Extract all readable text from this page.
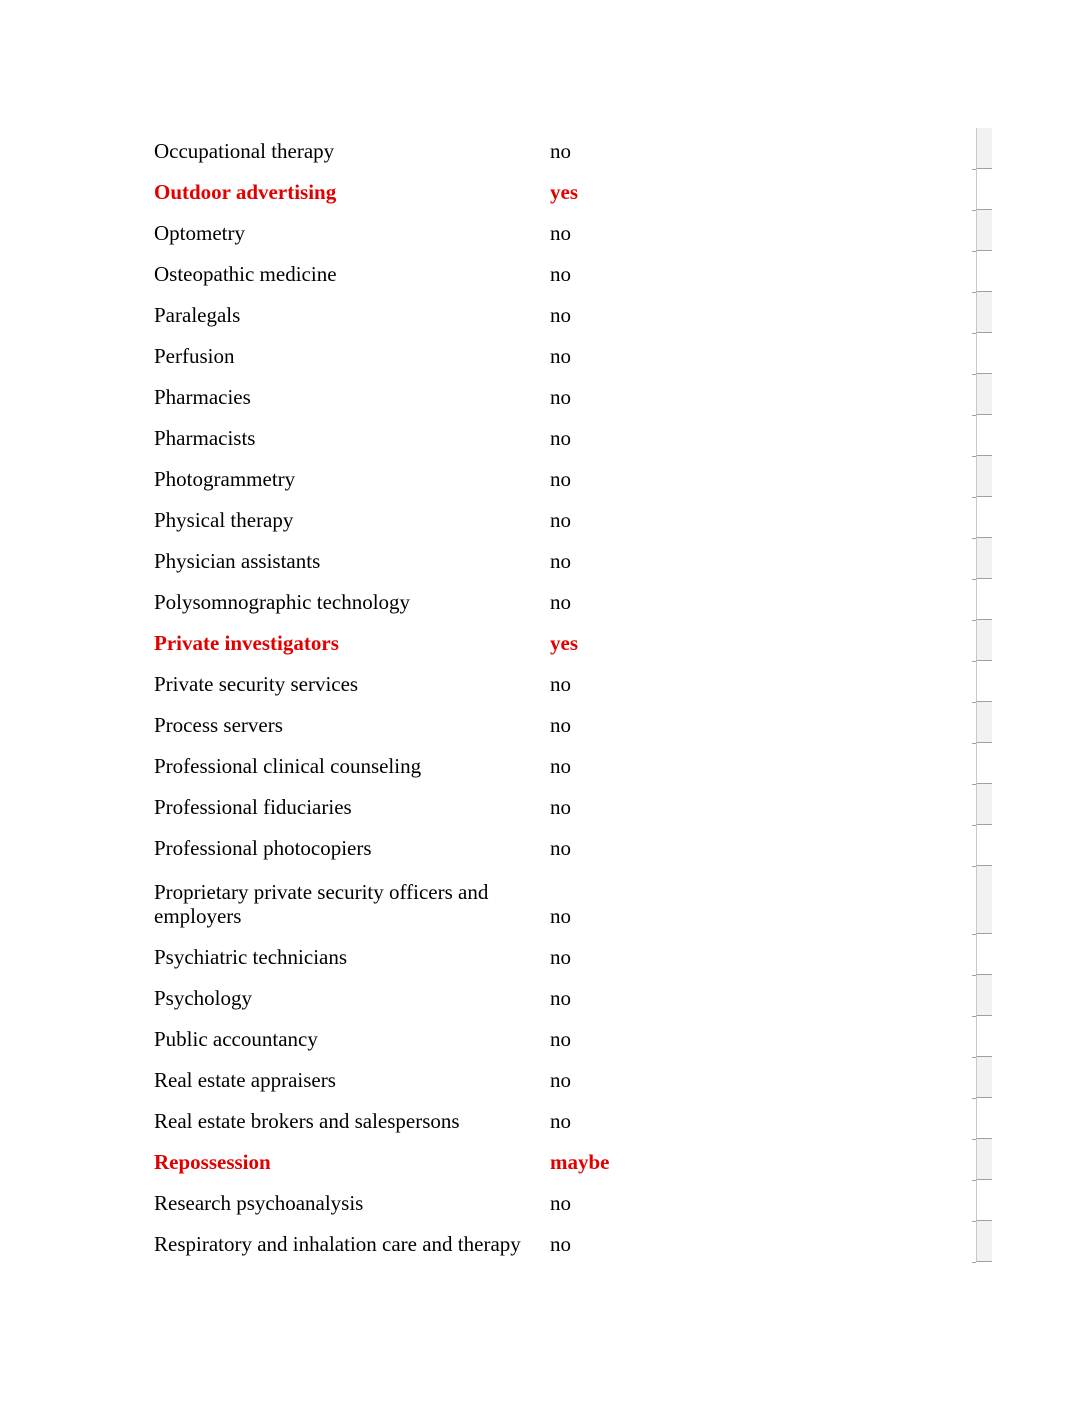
Occupational therapy	no
Outdoor advertising	yes
Optometry	no
Osteopathic medicine	no
Paralegals	no
Perfusion	no
Pharmacies	no
Pharmacists	no
Photogrammetry	no
Physical therapy	no
Physician assistants	no
Polysomnographic technology	no
Private investigators	yes
Private security services	no
Process servers	no
Professional clinical counseling	no
Professional fiduciaries	no
Professional photocopiers	no
Proprietary private security officers and employers	no
Psychiatric technicians	no
Psychology	no
Public accountancy	no
Real estate appraisers	no
Real estate brokers and salespersons	no
Repossession	maybe
Research psychoanalysis	no
Respiratory and inhalation care and therapy	no
